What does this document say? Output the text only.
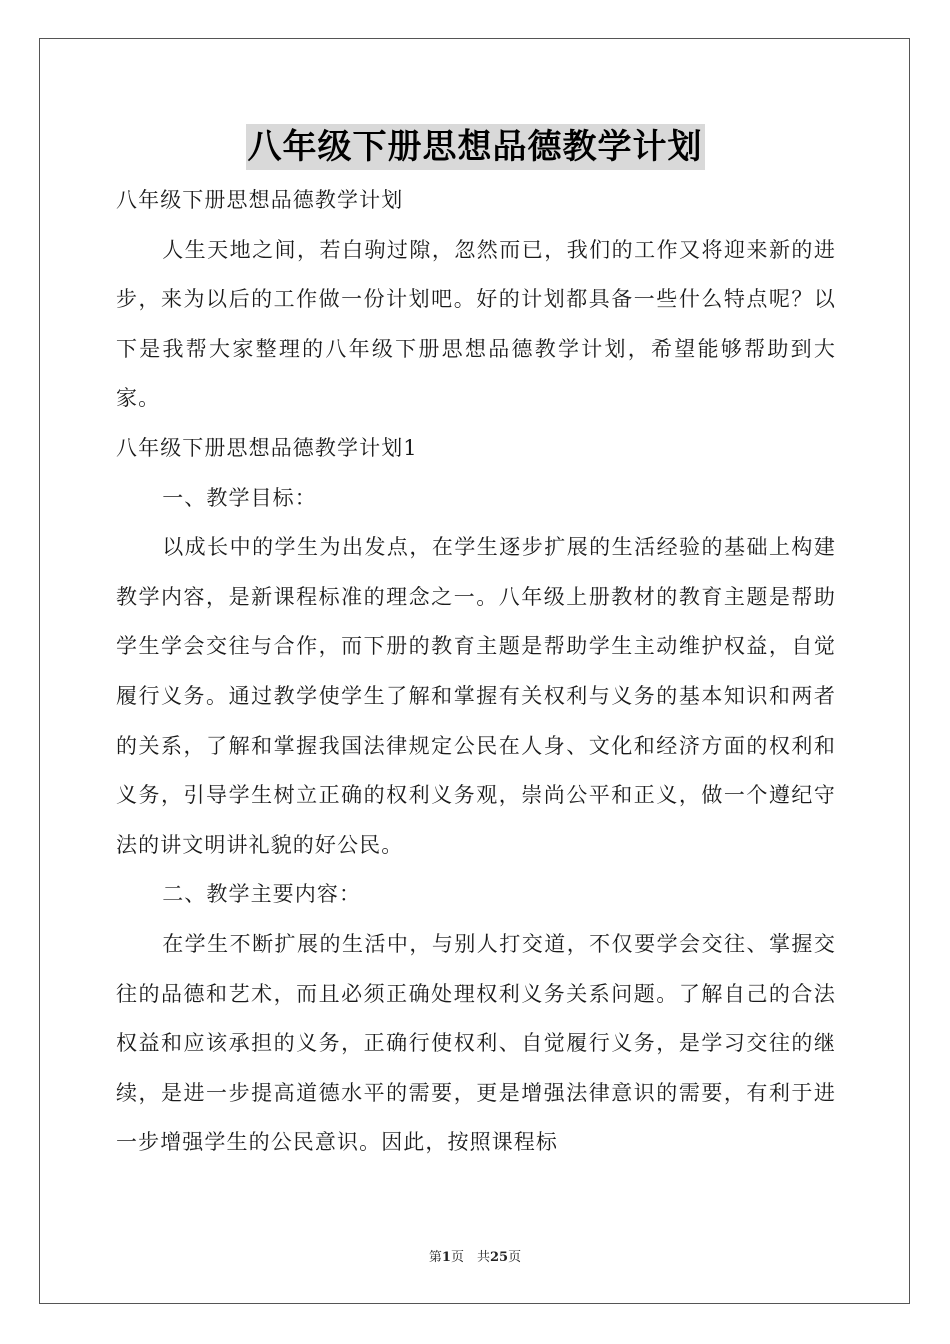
八年级下册思想品德教学计划

八年级下册思想品德教学计划

人生天地之间，若白驹过隙，忽然而已，我们的工作又将迎来新的进步，来为以后的工作做一份计划吧。好的计划都具备一些什么特点呢？以下是我帮大家整理的八年级下册思想品德教学计划，希望能够帮助到大家。

八年级下册思想品德教学计划1

一、教学目标：

以成长中的学生为出发点，在学生逐步扩展的生活经验的基础上构建教学内容，是新课程标准的理念之一。八年级上册教材的教育主题是帮助学生学会交往与合作，而下册的教育主题是帮助学生主动维护权益，自觉履行义务。通过教学使学生了解和掌握有关权利与义务的基本知识和两者的关系，了解和掌握我国法律规定公民在人身、文化和经济方面的权利和义务，引导学生树立正确的权利义务观，崇尚公平和正义，做一个遵纪守法的讲文明讲礼貌的好公民。

二、教学主要内容：

在学生不断扩展的生活中，与别人打交道，不仅要学会交往、掌握交往的品德和艺术，而且必须正确处理权利义务关系问题。了解自己的合法权益和应该承担的义务，正确行使权利、自觉履行义务，是学习交往的继续，是进一步提高道德水平的需要，更是增强法律意识的需要，有利于进一步增强学生的公民意识。因此，按照课程标

第1页　共25页
